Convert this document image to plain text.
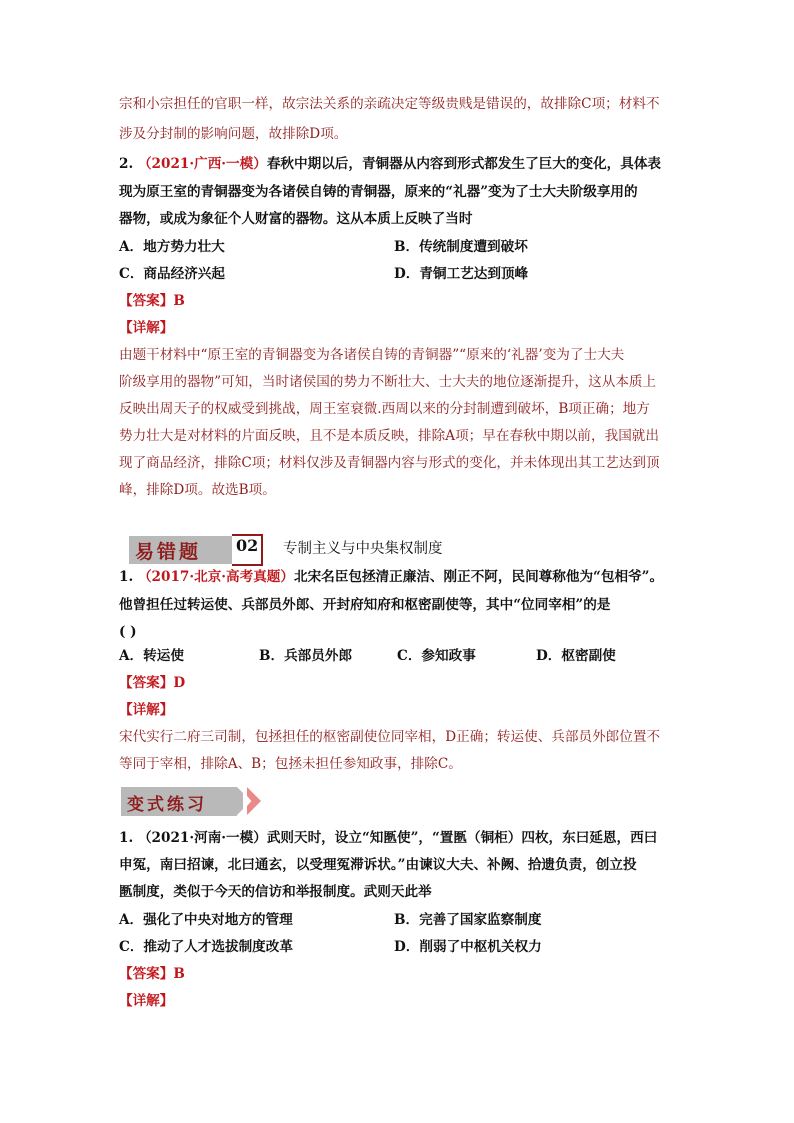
宗和小宗担任的官职一样，故宗法关系的亲疏决定等级贵贱是错误的，故排除C项；材料不
涉及分封制的影响问题，故排除D项。
2. （2021·广西·一模）春秋中期以后，青铜器从内容到形式都发生了巨大的变化，具体表
现为原王室的青铜器变为各诸侯自铸的青铜器，原来的“礼器”变为了士大夫阶级享用的
器物，或成为象征个人财富的器物。这从本质上反映了当时
A．地方势力壮大	B．传统制度遭到破坏
C．商品经济兴起	D．青铜工艺达到顶峰
【答案】B
【详解】
由题干材料中“原王室的青铜器变为各诸侯自铸的青铜器”“原来的‘礼器’变为了士大夫
阶级享用的器物”可知，当时诸侯国的势力不断壮大、士大夫的地位逐渐提升，这从本质上
反映出周天子的权威受到挑战，周王室衰微.西周以来的分封制遭到破坏，B项正确；地方
势力壮大是对材料的片面反映，且不是本质反映，排除A项；早在春秋中期以前，我国就出
现了商品经济，排除C项；材料仅涉及青铜器内容与形式的变化，并未体现出其工艺达到顶
峰，排除D项。故选B项。
易错题 02 专制主义与中央集权制度
1. （2017·北京·高考真题）北宋名臣包拯清正廉洁、刚正不阿，民间尊称他为“包相爷”。
他曾担任过转运使、兵部员外郎、开封府知府和枢密副使等，其中“位同宰相”的是
( )
A．转运使	B．兵部员外郎	C．参知政事	D．枢密副使
【答案】D
【详解】
宋代实行二府三司制，包拯担任的枢密副使位同宰相，D正确；转运使、兵部员外郎位置不
等同于宰相，排除A、B；包拯未担任参知政事，排除C。
变式练习
1. （2021·河南·一模）武则天时，设立“知匦使”，“置匦（铜柜）四枚，东曰延恩，西曰
申冤，南曰招谏，北曰通玄，以受理冤滞诉状。”由谏议大夫、补阙、拾遗负责，创立投
匦制度，类似于今天的信访和举报制度。武则天此举
A．强化了中央对地方的管理	B．完善了国家监察制度
C．推动了人才选拔制度改革	D．削弱了中枢机关权力
【答案】B
【详解】
